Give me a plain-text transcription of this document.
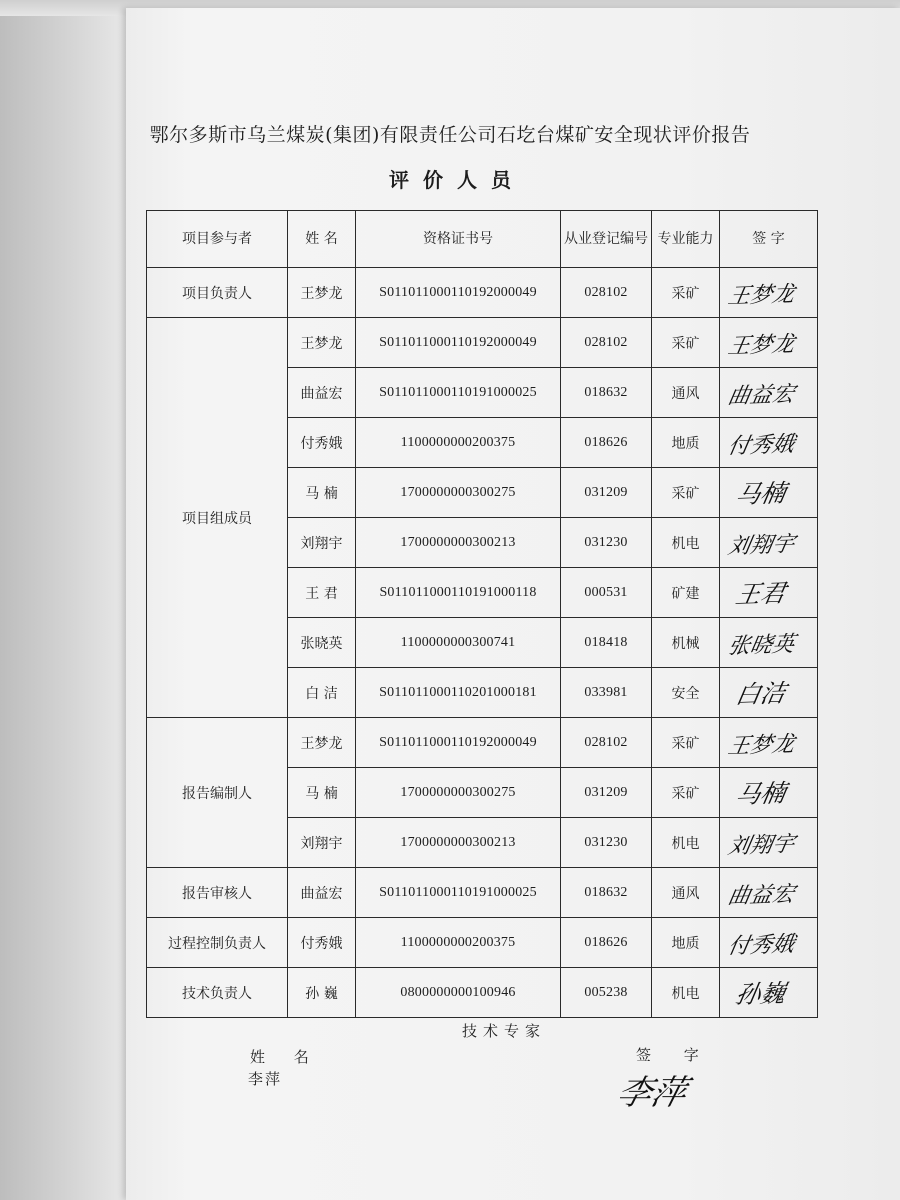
鄂尔多斯市乌兰煤炭(集团)有限责任公司石圪台煤矿安全现状评价报告
评价人员
项目参与者	姓 名	资格证书号	从业登记编号	专业能力	签 字
项目负责人	王梦龙	S011011000110192000049	028102	采矿	王梦龙

项目组成员	王梦龙	S011011000110192000049	028102	采矿	王梦龙

	曲益宏	S011011000110191000025	018632	通风	曲益宏

	付秀娥	1100000000200375	018626	地质	付秀娥

	马 楠	1700000000300275	031209	采矿	马楠

	刘翔宇	1700000000300213	031230	机电	刘翔宇

	王 君	S011011000110191000118	000531	矿建	王君

	张晓英	1100000000300741	018418	机械	张晓英

	白 洁	S011011000110201000181	033981	安全	白洁

报告编制人	王梦龙	S011011000110192000049	028102	采矿	王梦龙

	马 楠	1700000000300275	031209	采矿	马楠

	刘翔宇	1700000000300213	031230	机电	刘翔宇

报告审核人	曲益宏	S011011000110191000025	018632	通风	曲益宏

过程控制负责人	付秀娥	1100000000200375	018626	地质	付秀娥

技术负责人	孙 巍	0800000000100946	005238	机电	孙巍
技术专家
姓 名	签 字
李萍	李萍
